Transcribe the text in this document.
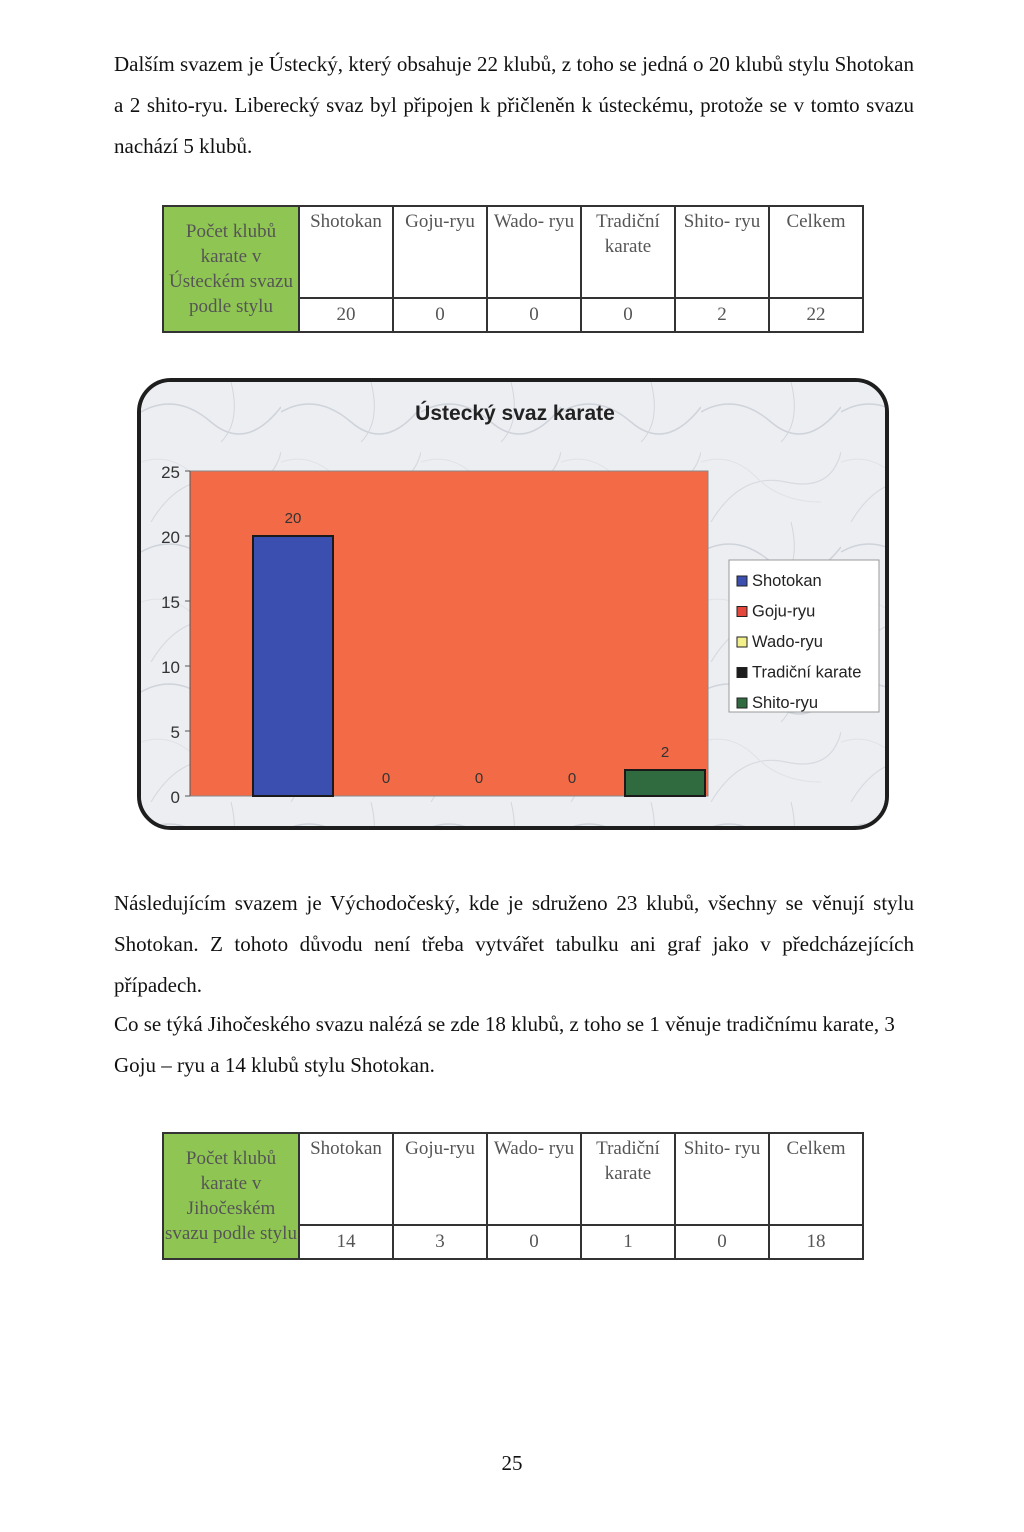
Dalším svazem je Ústecký, který obsahuje 22 klubů, z toho se jedná o 20 klubů stylu Shotokan a 2 shito-ryu. Liberecký svaz byl připojen k přičleněn k ústeckému, protože se v tomto svazu nachází 5 klubů.

Počet klubů karate v Ústeckém svazu podle stylu	Shotokan	Goju-ryu	Wado- ryu	Tradiční karate	Shito- ryu	Celkem
	20	0	0	0	2	22
Ústecký svaz karate
0
5
10
15
20
25
20
0	0	0
2
Shotokan
Goju-ryu
Wado-ryu
Tradiční karate
Shito-ryu

Následujícím svazem je Východočeský, kde je sdruženo 23 klubů, všechny se věnují stylu Shotokan. Z tohoto důvodu není třeba vytvářet tabulku ani graf jako v předcházejících případech.

Co se týká Jihočeského svazu nalézá se zde 18 klubů, z toho se 1 věnuje tradičnímu karate, 3 Goju – ryu a 14 klubů stylu Shotokan.

Počet klubů karate v Jihočeském svazu podle stylu	Shotokan	Goju-ryu	Wado- ryu	Tradiční karate	Shito- ryu	Celkem
	14	3	0	1	0	18
25
